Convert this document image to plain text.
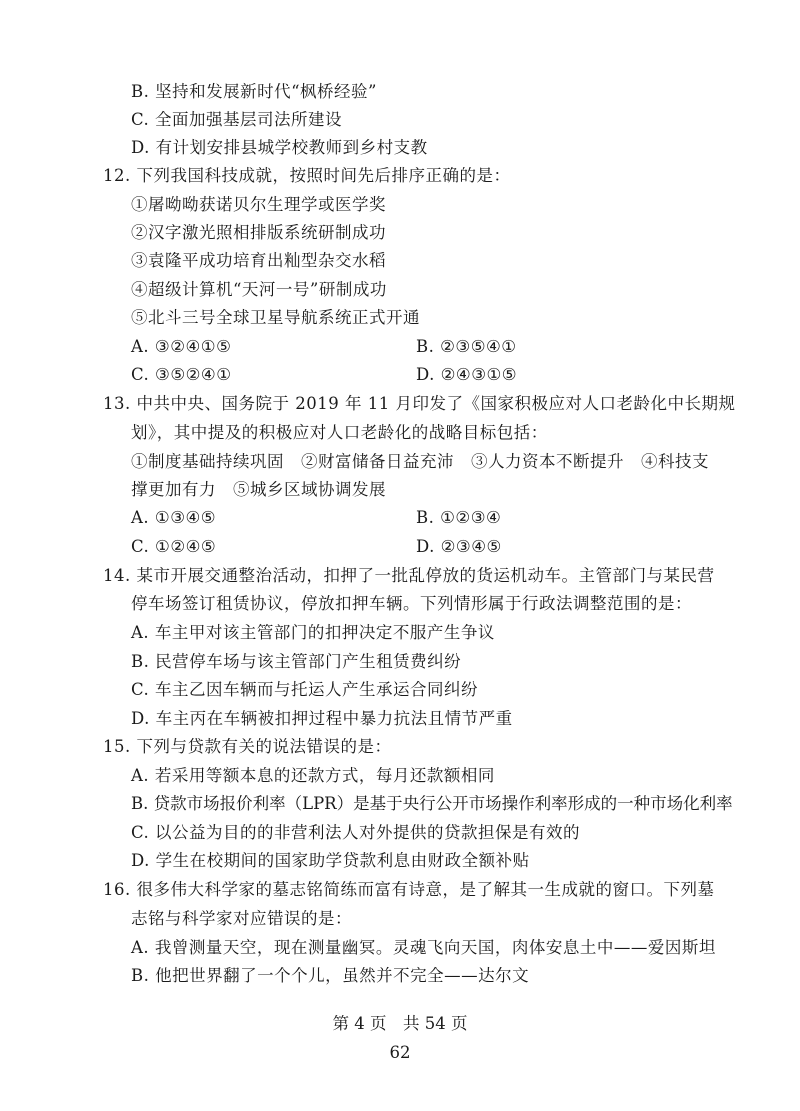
B. 坚持和发展新时代“枫桥经验”
C. 全面加强基层司法所建设
D. 有计划安排县城学校教师到乡村支教
12. 下列我国科技成就，按照时间先后排序正确的是：
①屠呦呦获诺贝尔生理学或医学奖
②汉字激光照相排版系统研制成功
③袁隆平成功培育出籼型杂交水稻
④超级计算机“天河一号”研制成功
⑤北斗三号全球卫星导航系统正式开通
A. ③②④①⑤	B. ②③⑤④①
C. ③⑤②④①	D. ②④③①⑤
13. 中共中央、国务院于 2019 年 11 月印发了《国家积极应对人口老龄化中长期规
划》，其中提及的积极应对人口老龄化的战略目标包括：
①制度基础持续巩固　②财富储备日益充沛　③人力资本不断提升　④科技支
撑更加有力　⑤城乡区域协调发展
A. ①③④⑤	B. ①②③④
C. ①②④⑤	D. ②③④⑤
14. 某市开展交通整治活动，扣押了一批乱停放的货运机动车。主管部门与某民营
停车场签订租赁协议，停放扣押车辆。下列情形属于行政法调整范围的是：
A. 车主甲对该主管部门的扣押决定不服产生争议
B. 民营停车场与该主管部门产生租赁费纠纷
C. 车主乙因车辆而与托运人产生承运合同纠纷
D. 车主丙在车辆被扣押过程中暴力抗法且情节严重
15. 下列与贷款有关的说法错误的是：
A. 若采用等额本息的还款方式，每月还款额相同
B. 贷款市场报价利率（LPR）是基于央行公开市场操作利率形成的一种市场化利率
C. 以公益为目的的非营利法人对外提供的贷款担保是有效的
D. 学生在校期间的国家助学贷款利息由财政全额补贴
16. 很多伟大科学家的墓志铭简练而富有诗意，是了解其一生成就的窗口。下列墓
志铭与科学家对应错误的是：
A. 我曾测量天空，现在测量幽冥。灵魂飞向天国，肉体安息土中——爱因斯坦
B. 他把世界翻了一个个儿，虽然并不完全——达尔文
第 4 页　共 54 页
62
